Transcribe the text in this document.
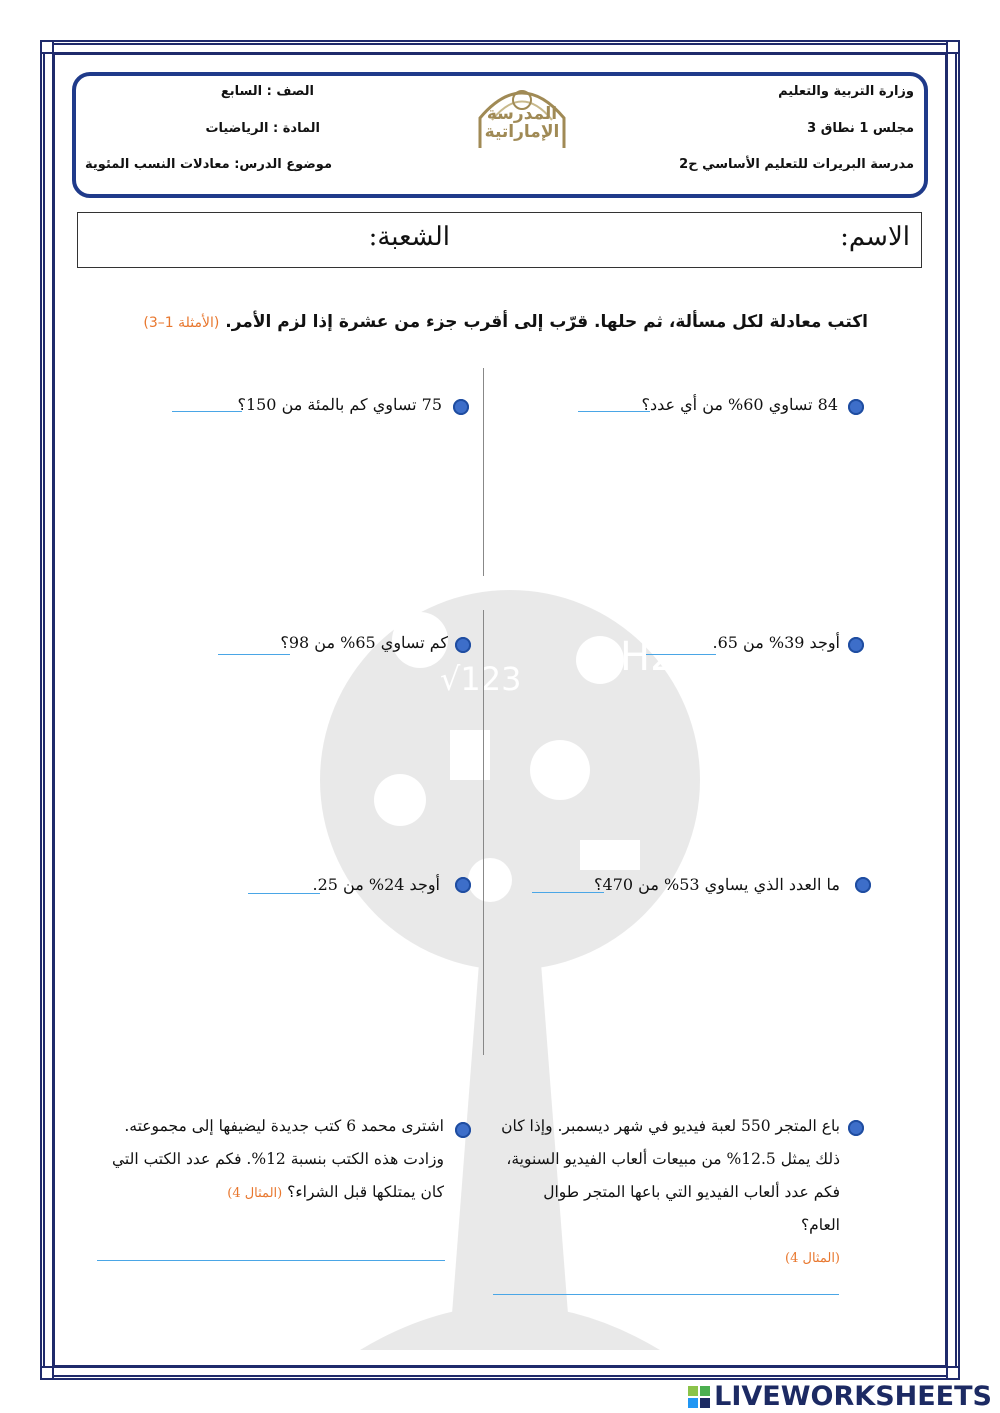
H2
√123
وزارة التربية والتعليم
مجلس 1 نطاق 3
مدرسة البريرات للتعليم الأساسي ح2
الصف : السابع
المادة : الرياضيات
موضوع الدرس: معادلات النسب المئوية
المدرسة
الإماراتية
الاسم:
الشعبة:
اكتب معادلة لكل مسألة، ثم حلها. قرّب إلى أقرب جزء من عشرة إذا لزم الأمر. (الأمثلة 1–3)
84 تساوي 60% من أي عدد؟
75 تساوي كم بالمئة من 150؟
أوجد 39% من 65.
كم تساوي 65% من 98؟
ما العدد الذي يساوي 53% من 470؟
أوجد 24% من 25.
باع المتجر 550 لعبة فيديو في شهر ديسمبر. وإذا كان
ذلك يمثل 12.5% من مبيعات ألعاب الفيديو السنوية،
فكم عدد ألعاب الفيديو التي باعها المتجر طوال العام؟
(المثال 4)
اشترى محمد 6 كتب جديدة ليضيفها إلى مجموعته.
وزادت هذه الكتب بنسبة 12%. فكم عدد الكتب التي
كان يمتلكها قبل الشراء؟ (المثال 4)
LIVEWORKSHEETS
